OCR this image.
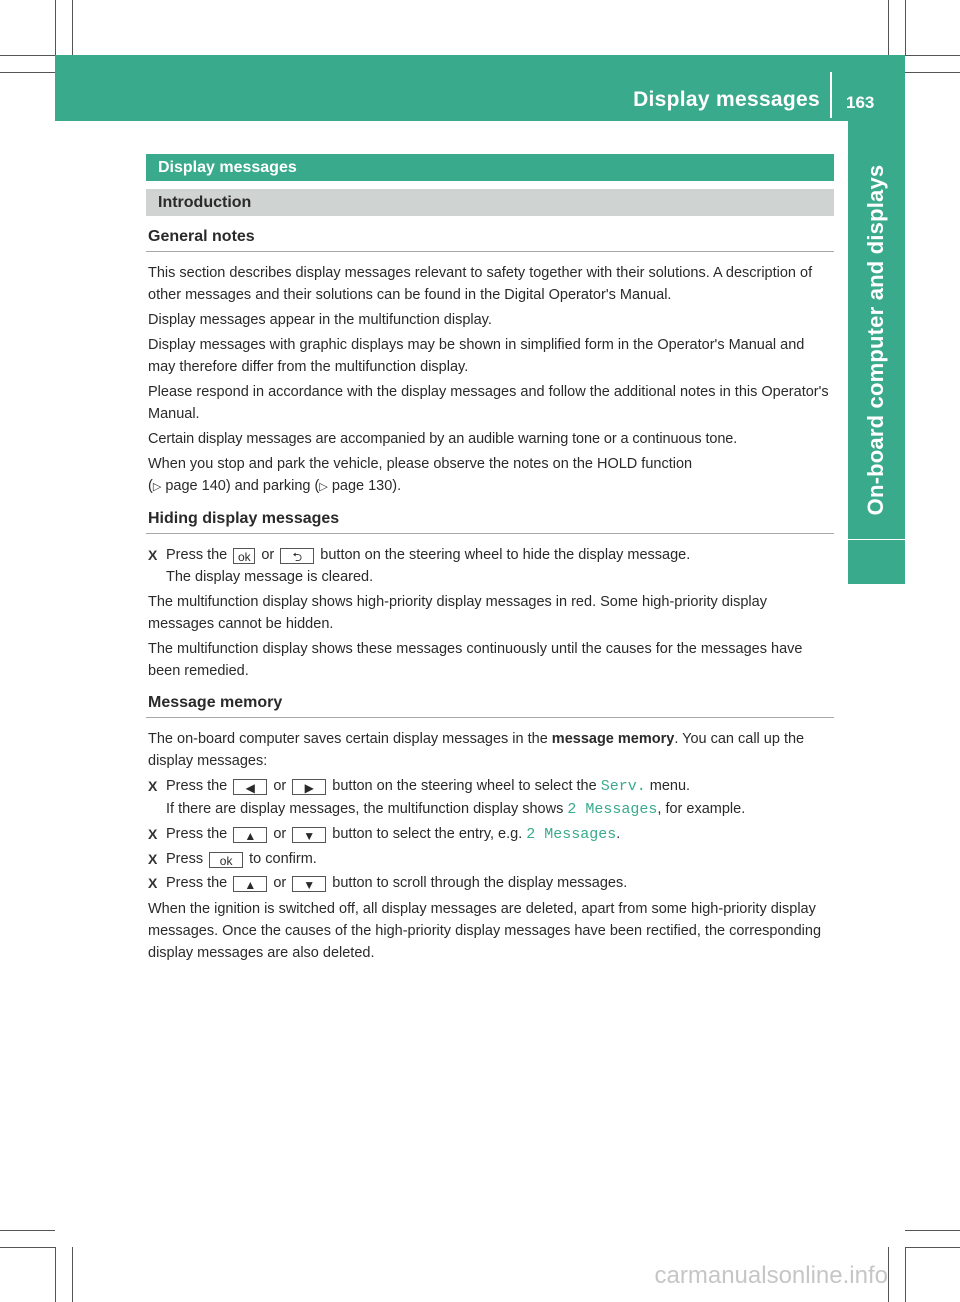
Display messages 163
On-board computer and displays
Display messages
Introduction
General notes

This section describes display messages relevant to safety together with their solutions. A description of other messages and their solutions can be found in the Digital Operator's Manual.

Display messages appear in the multifunction display.

Display messages with graphic displays may be shown in simplified form in the Operator's Manual and may therefore differ from the multifunction display.

Please respond in accordance with the display messages and follow the additional notes in this Operator's Manual.

Certain display messages are accompanied by an audible warning tone or a continuous tone.

When you stop and park the vehicle, please observe the notes on the HOLD function
(▷ page 140) and parking (▷ page 130).

Hiding display messages
X Press the ok or ⮌ button on the steering wheel to hide the display message.
The display message is cleared.

The multifunction display shows high-priority display messages in red. Some high-priority display messages cannot be hidden.

The multifunction display shows these messages continuously until the causes for the messages have been remedied.

Message memory

The on-board computer saves certain display messages in the message memory. You can call up the display messages:

X Press the ◀ or ▶ button on the steering wheel to select the Serv. menu.
If there are display messages, the multifunction display shows 2 Messages, for example.
X Press the ▲ or ▼ button to select the entry, e.g. 2 Messages.
X Press ok to confirm.
X Press the ▲ or ▼ button to scroll through the display messages.

When the ignition is switched off, all display messages are deleted, apart from some high-priority display messages. Once the causes of the high-priority display messages have been rectified, the corresponding display messages are also deleted.

carmanualsonline.info
